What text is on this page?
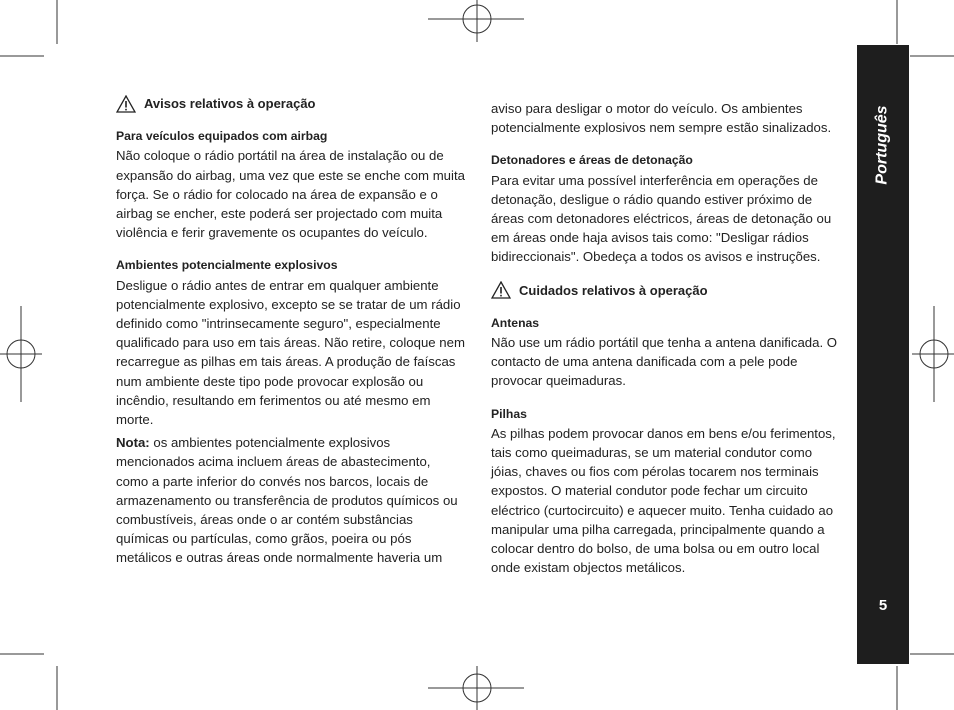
Avisos relativos à operação

Para veículos equipados com airbag

Não coloque o rádio portátil na área de instalação ou de expansão do airbag, uma vez que este se enche com muita força. Se o rádio for colocado na área de expansão e o airbag se encher, este poderá ser projectado com muita violência e ferir gravemente os ocupantes do veículo.

Ambientes potencialmente explosivos

Desligue o rádio antes de entrar em qualquer ambiente potencialmente explosivo, excepto se se tratar de um rádio definido como "intrinsecamente seguro", especialmente qualificado para uso em tais áreas. Não retire, coloque nem recarregue as pilhas em tais áreas. A produção de faíscas num ambiente deste tipo pode provocar explosão ou incêndio, resultando em ferimentos ou até mesmo em morte.

Nota: os ambientes potencialmente explosivos mencionados acima incluem áreas de abastecimento, como a parte inferior do convés nos barcos, locais de armazenamento ou transferência de produtos químicos ou combustíveis, áreas onde o ar contém substâncias químicas ou partículas, como grãos, poeira ou pós metálicos e outras áreas onde normalmente haveria um

aviso para desligar o motor do veículo. Os ambientes potencialmente explosivos nem sempre estão sinalizados.

Detonadores e áreas de detonação

Para evitar uma possível interferência em operações de detonação, desligue o rádio quando estiver próximo de áreas com detonadores eléctricos, áreas de detonação ou em áreas onde haja avisos tais como: "Desligar rádios bidireccionais". Obedeça a todos os avisos e instruções.

Cuidados relativos à operação

Antenas

Não use um rádio portátil que tenha a antena danificada. O contacto de uma antena danificada com a pele pode provocar queimaduras.

Pilhas

As pilhas podem provocar danos em bens e/ou ferimentos, tais como queimaduras, se um material condutor como jóias, chaves ou fios com pérolas tocarem nos terminais expostos. O material condutor pode fechar um circuito eléctrico (curtocircuito) e aquecer muito. Tenha cuidado ao manipular uma pilha carregada, principalmente quando a colocar dentro do bolso, de uma bolsa ou em outro local onde existam objectos metálicos.

Português
5
